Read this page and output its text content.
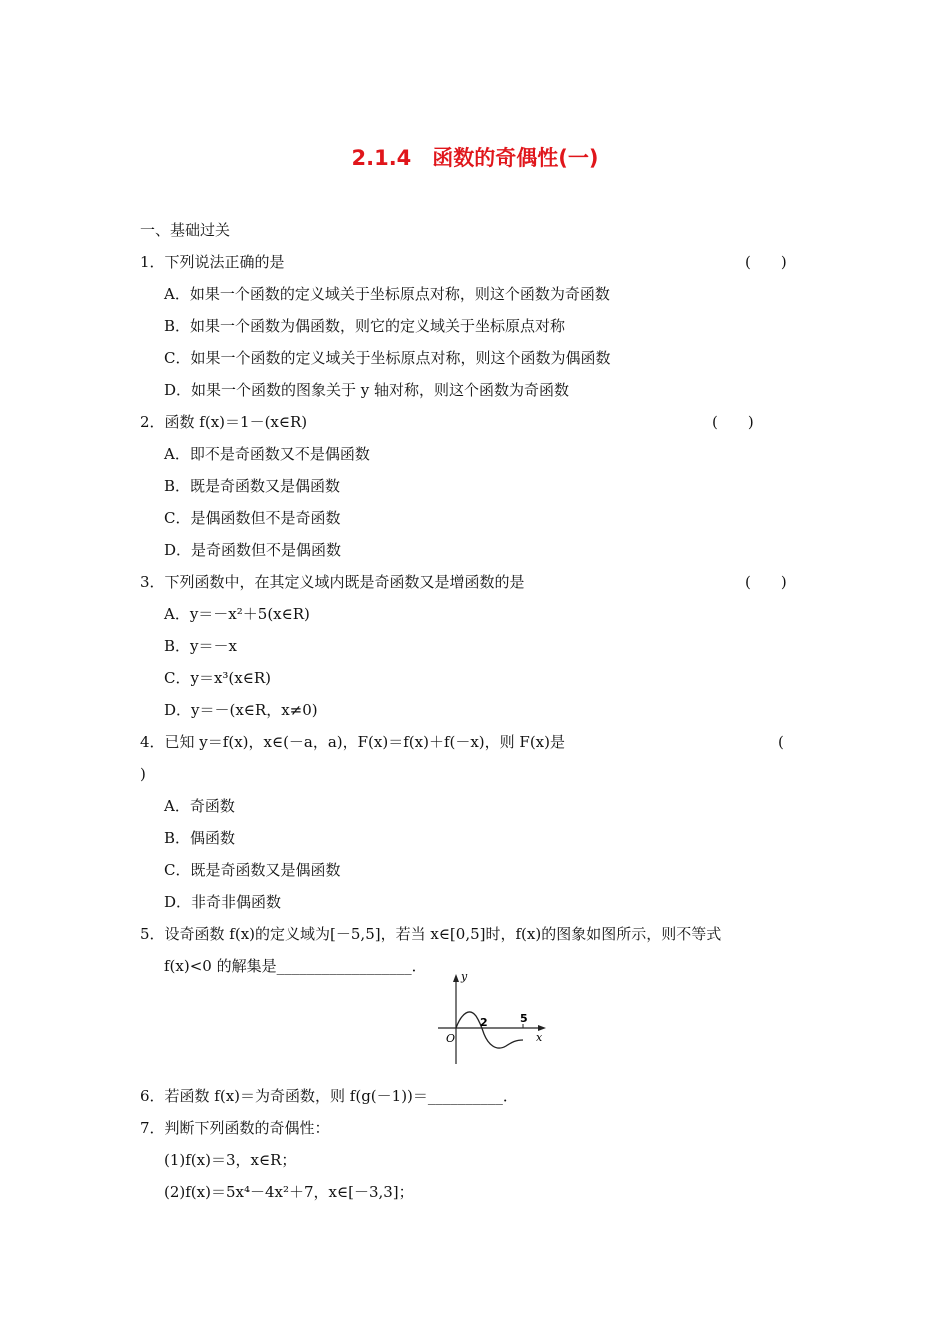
2.1.4　函数的奇偶性(一)
一、基础过关
1．下列说法正确的是	(　　)
A．如果一个函数的定义域关于坐标原点对称，则这个函数为奇函数
B．如果一个函数为偶函数，则它的定义域关于坐标原点对称
C．如果一个函数的定义域关于坐标原点对称，则这个函数为偶函数
D．如果一个函数的图象关于 y 轴对称，则这个函数为奇函数
2．函数 f(x)＝1－(x∈R)	(　　)
A．即不是奇函数又不是偶函数
B．既是奇函数又是偶函数
C．是偶函数但不是奇函数
D．是奇函数但不是偶函数
3．下列函数中，在其定义域内既是奇函数又是增函数的是	(　　)
A．y＝－x²＋5(x∈R)
B．y＝－x
C．y＝x³(x∈R)
D．y＝－(x∈R，x≠0)
4．已知 y＝f(x)，x∈(－a，a)，F(x)＝f(x)＋f(－x)，则 F(x)是	(
)
A．奇函数
B．偶函数
C．既是奇函数又是偶函数
D．非奇非偶函数
5．设奇函数 f(x)的定义域为[－5,5]，若当 x∈[0,5]时，f(x)的图象如图所示，则不等式
f(x)<0 的解集是__________________．
y
x
O
2	5
6．若函数 f(x)＝为奇函数，则 f(g(－1))＝__________．
7．判断下列函数的奇偶性：
(1)f(x)＝3，x∈R；
(2)f(x)＝5x⁴－4x²＋7，x∈[－3,3]；
